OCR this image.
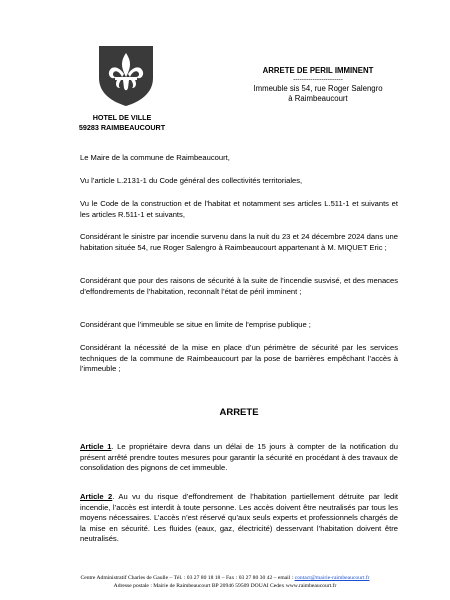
HOTEL DE VILLE
59283 RAIMBEAUCOURT
ARRETE DE PERIL IMMINENT
-----------------------
Immeuble sis 54, rue Roger Salengro
à Raimbeaucourt

Le Maire de la commune de Raimbeaucourt,

Vu l’article L.2131-1 du Code général des collectivités territoriales,

Vu le Code de la construction et de l’habitat et notamment ses articles L.511-1 et suivants et les articles R.511-1 et suivants,

Considérant le sinistre par incendie survenu dans la nuit du 23 et 24 décembre 2024 dans une habitation située 54, rue Roger Salengro à Raimbeaucourt appartenant à M. MIQUET Eric ;

Considérant que pour des raisons de sécurité à la suite de l’incendie susvisé, et des menaces d’effondrements de l’habitation, reconnaît l’état de péril imminent ;

Considérant que l’immeuble se situe en limite de l’emprise publique ;

Considérant la nécessité de la mise en place d’un périmètre de sécurité par les services techniques de la commune de Raimbeaucourt par la pose de barrières empêchant l’accès à l’immeuble ;

ARRETE

Article 1. Le propriétaire devra dans un délai de 15 jours à compter de la notification du présent arrêté prendre toutes mesures pour garantir la sécurité en procédant à des travaux de consolidation des pignons de cet immeuble.

Article 2. Au vu du risque d’effondrement de l’habitation partiellement détruite par ledit incendie, l’accès est interdit à toute personne. Les accès doivent être neutralisés par tous les moyens nécessaires. L’accès n’est réservé qu’aux seuls experts et professionnels chargés de la mise en sécurité. Les fluides (eaux, gaz, électricité) desservant l’habitation doivent être neutralisés.

Centre Administratif Charles de Gaulle – Tél. : 03 27 80 18 18 – Fax : 03 27 80 30 42 – email : contact@mairie-raimbeaucourt.fr
Adresse postale : Mairie de Raimbeaucourt BP 20946 59509 DOUAI Cedex www.raimbeaucourt.fr
